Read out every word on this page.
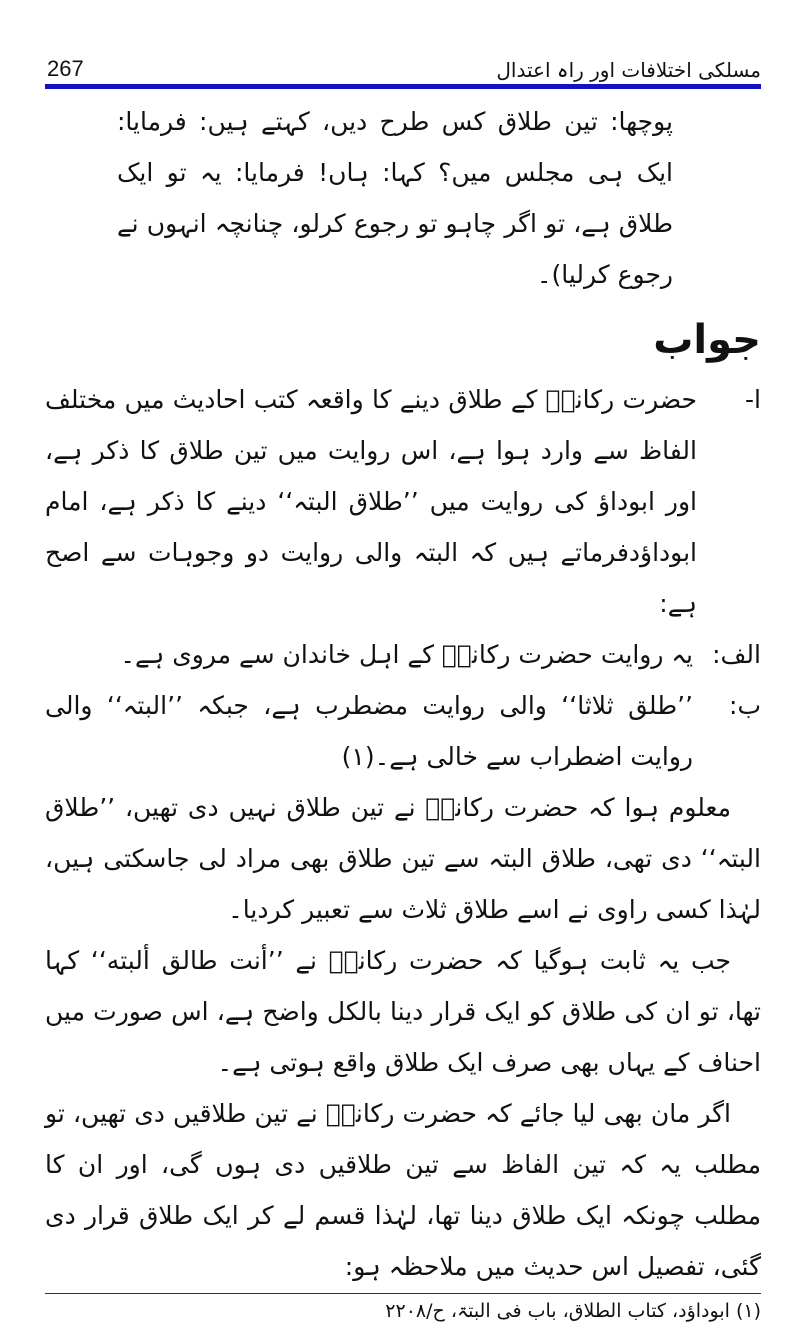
267	مسلکی اختلافات اور راہ اعتدال

پوچھا: تین طلاق کس طرح دیں، کہتے ہیں: فرمایا: ایک ہی مجلس میں؟ کہا: ہاں! فرمایا: یہ تو ایک طلاق ہے، تو اگر چاہو تو رجوع کرلو، چنانچہ انہوں نے رجوع کرلیا)۔

جواب
ا-

حضرت رکانہؓ کے طلاق دینے کا واقعہ کتب احادیث میں مختلف الفاظ سے وارد ہوا ہے، اس روایت میں تین طلاق کا ذکر ہے، اور ابوداؤ کی روایت میں ’’طلاق البتہ‘‘ دینے کا ذکر ہے، امام ابوداؤدفرماتے ہیں کہ البتہ والی روایت دو وجوہات سے اصح ہے:

الف:

یہ روایت حضرت رکانہؓ کے اہل خاندان سے مروی ہے۔

ب:

’’طلق ثلاثا‘‘ والی روایت مضطرب ہے، جبکہ ’’البتہ‘‘ والی روایت اضطراب سے خالی ہے۔(۱)

معلوم ہوا کہ حضرت رکانہؓ نے تین طلاق نہیں دی تھیں، ’’طلاق البتہ‘‘ دی تھی، طلاق البتہ سے تین طلاق بھی مراد لی جاسکتی ہیں، لہٰذا کسی راوی نے اسے طلاق ثلاث سے تعبیر کردیا۔

جب یہ ثابت ہوگیا کہ حضرت رکانہؓ نے ’’أنت طالق ألبته‘‘ کہا تھا، تو ان کی طلاق کو ایک قرار دینا بالکل واضح ہے، اس صورت میں احناف کے یہاں بھی صرف ایک طلاق واقع ہوتی ہے۔

اگر مان بھی لیا جائے کہ حضرت رکانہؓ نے تین طلاقیں دی تھیں، تو مطلب یہ کہ تین الفاظ سے تین طلاقیں دی ہوں گی، اور ان کا مطلب چونکہ ایک طلاق دینا تھا، لہٰذا قسم لے کر ایک طلاق قرار دی گئی، تفصیل اس حدیث میں ملاحظہ ہو:

(۱) ابوداؤد، کتاب الطلاق، باب فی البتۃ، ح/۲۲۰۸
